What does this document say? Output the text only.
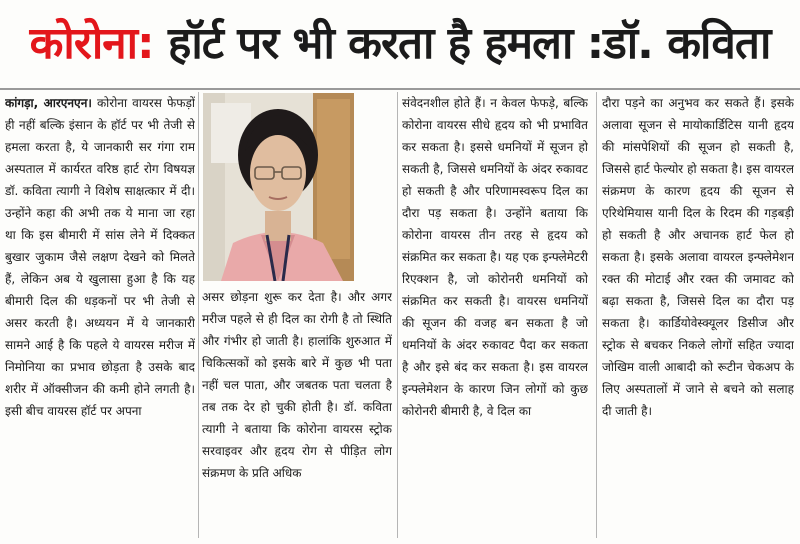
कोरोना: हॉर्ट पर भी करता है हमला :डॉ. कविता

कांगड़ा, आरएनएन। कोरोना वायरस फेफड़ों ही नहीं बल्कि इंसान के हॉर्ट पर भी तेजी से हमला करता है, ये जानकारी सर गंगा राम अस्पताल में कार्यरत वरिष्ठ हार्ट रोग विषयज्ञ डॉ. कविता त्यागी ने विशेष साक्षत्कार में दी। उन्होंने कहा की अभी तक ये माना जा रहा था कि इस बीमारी में सांस लेने में दिक्कत बुखार जुकाम जैसे लक्षण देखने को मिलते हैं, लेकिन अब ये खुलासा हुआ है कि यह बीमारी दिल की धड़कनों पर भी तेजी से असर करती है। अध्ययन में ये जानकारी सामने आई है कि पहले ये वायरस मरीज में निमोनिया का प्रभाव छोड़ता है उसके बाद शरीर में ऑक्सीजन की कमी होने लगती है।इसी बीच वायरस हॉर्ट पर अपना

असर छोड़ना शुरू कर देता है। और अगर मरीज पहले से ही दिल का रोगी है तो स्थिति और गंभीर हो जाती है। हालांकि शुरुआत में चिकित्सकों को इसके बारे में कुछ भी पता नहीं चल पाता, और जबतक पता चलता है तब तक देर हो चुकी होती है। डॉ. कविता त्यागी ने बताया कि कोरोना वायरस स्ट्रोक सरवाइवर और हृदय रोग से पीड़ित लोग संक्रमण के प्रति अधिक

संवेदनशील होते हैं। न केवल फेफड़े, बल्कि कोरोना वायरस सीधे हृदय को भी प्रभावित कर सकता है। इससे धमनियों में सूजन हो सकती है, जिससे धमनियों के अंदर रुकावट हो सकती है और परिणामस्वरूप दिल का दौरा पड़ सकता है। उन्होंने बताया कि कोरोना वायरस तीन तरह से हृदय को संक्रमित कर सकता है। यह एक इन्फ्लेमेटरी रिएक्शन है, जो कोरोनरी धमनियों को संक्रमित कर सकती है। वायरस धमनियों की सूजन की वजह बन सकता है जो धमनियों के अंदर रुकावट पैदा कर सकता है और इसे बंद कर सकता है। इस वायरल इन्फ्लेमेशन के कारण जिन लोगों को कुछ कोरोनरी बीमारी है, वे दिल का

दौरा पड़ने का अनुभव कर सकते हैं। इसके अलावा सूजन से मायोकार्डिटिस यानी हृदय की मांसपेशियों की सूजन हो सकती है, जिससे हार्ट फेल्योर हो सकता है। इस वायरल संक्रमण के कारण हृदय की सूजन से एरिथेमियास यानी दिल के रिदम की गड़बड़ी हो सकती है और अचानक हार्ट फेल हो सकता है। इसके अलावा वायरल इन्फ्लेमेशन रक्त की मोटाई और रक्त की जमावट को बढ़ा सकता है, जिससे दिल का दौरा पड़ सकता है। कार्डियोवेस्क्यूलर डिसीज और स्ट्रोक से बचकर निकले लोगों सहित ज्यादा जोखिम वाली आबादी को रूटीन चेकअप के लिए अस्पतालों में जाने से बचने को सलाह दी जाती है।
